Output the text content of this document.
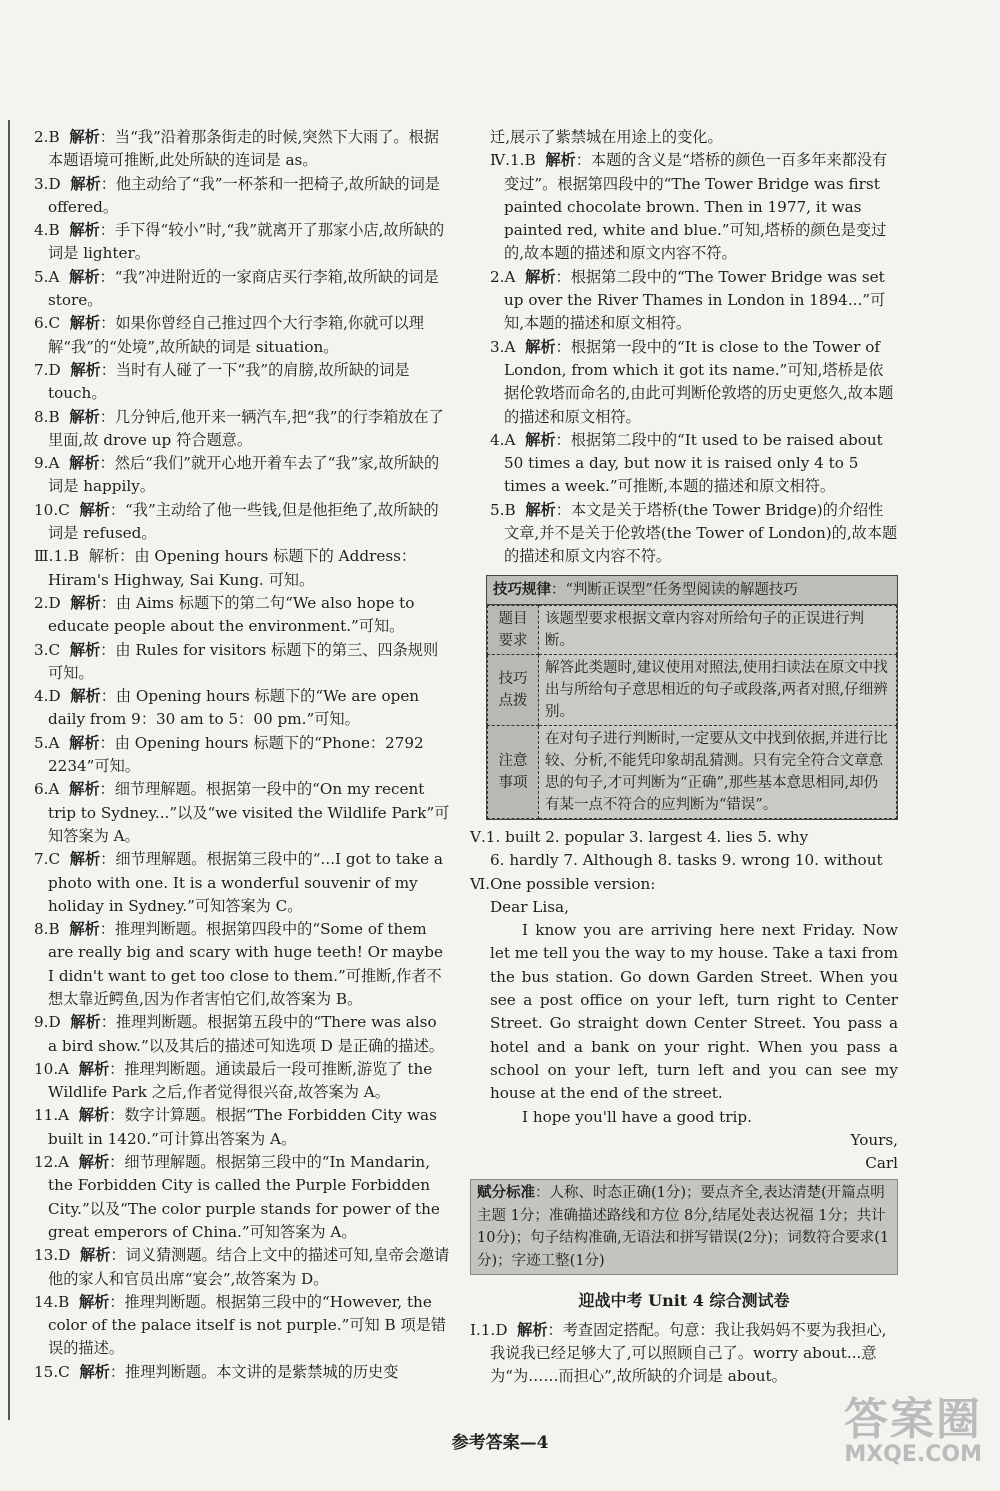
2.B 解析：当“我”沿着那条街走的时候,突然下大雨了。根据本题语境可推断,此处所缺的连词是 as。

3.D 解析：他主动给了“我”一杯茶和一把椅子,故所缺的词是 offered。

4.B 解析：手下得“较小”时,“我”就离开了那家小店,故所缺的词是 lighter。

5.A 解析：“我”冲进附近的一家商店买行李箱,故所缺的词是 store。

6.C 解析：如果你曾经自己推过四个大行李箱,你就可以理解“我”的“处境”,故所缺的词是 situation。

7.D 解析：当时有人碰了一下“我”的肩膀,故所缺的词是 touch。

8.B 解析：几分钟后,他开来一辆汽车,把“我”的行李箱放在了里面,故 drove up 符合题意。

9.A 解析：然后“我们”就开心地开着车去了“我”家,故所缺的词是 happily。

10.C 解析：“我”主动给了他一些钱,但是他拒绝了,故所缺的词是 refused。

Ⅲ.1.B 解析：由 Opening hours 标题下的 Address：Hiram's Highway, Sai Kung. 可知。

2.D 解析：由 Aims 标题下的第二句“We also hope to educate people about the environment.”可知。

3.C 解析：由 Rules for visitors 标题下的第三、四条规则可知。

4.D 解析：由 Opening hours 标题下的“We are open daily from 9：30 am to 5：00 pm.”可知。

5.A 解析：由 Opening hours 标题下的“Phone：2792 2234”可知。

6.A 解析：细节理解题。根据第一段中的“On my recent trip to Sydney...”以及“we visited the Wildlife Park”可知答案为 A。

7.C 解析：细节理解题。根据第三段中的“...I got to take a photo with one. It is a wonderful souvenir of my holiday in Sydney.”可知答案为 C。

8.B 解析：推理判断题。根据第四段中的“Some of them are really big and scary with huge teeth! Or maybe I didn't want to get too close to them.”可推断,作者不想太靠近鳄鱼,因为作者害怕它们,故答案为 B。

9.D 解析：推理判断题。根据第五段中的“There was also a bird show.”以及其后的描述可知选项 D 是正确的描述。

10.A 解析：推理判断题。通读最后一段可推断,游览了 the Wildlife Park 之后,作者觉得很兴奋,故答案为 A。

11.A 解析：数字计算题。根据“The Forbidden City was built in 1420.”可计算出答案为 A。

12.A 解析：细节理解题。根据第三段中的“In Mandarin, the Forbidden City is called the Purple Forbidden City.”以及“The color purple stands for power of the great emperors of China.”可知答案为 A。

13.D 解析：词义猜测题。结合上文中的描述可知,皇帝会邀请他的家人和官员出席“宴会”,故答案为 D。

14.B 解析：推理判断题。根据第三段中的“However, the color of the palace itself is not purple.”可知 B 项是错误的描述。

15.C 解析：推理判断题。本文讲的是紫禁城的历史变

迁,展示了紫禁城在用途上的变化。

Ⅳ.1.B 解析：本题的含义是“塔桥的颜色一百多年来都没有变过”。根据第四段中的“The Tower Bridge was first painted chocolate brown. Then in 1977, it was painted red, white and blue.”可知,塔桥的颜色是变过的,故本题的描述和原文内容不符。

2.A 解析：根据第二段中的“The Tower Bridge was set up over the River Thames in London in 1894...”可知,本题的描述和原文相符。

3.A 解析：根据第一段中的“It is close to the Tower of London, from which it got its name.”可知,塔桥是依据伦敦塔而命名的,由此可判断伦敦塔的历史更悠久,故本题的描述和原文相符。

4.A 解析：根据第二段中的“It used to be raised about 50 times a day, but now it is raised only 4 to 5 times a week.”可推断,本题的描述和原文相符。

5.B 解析：本文是关于塔桥(the Tower Bridge)的介绍性文章,并不是关于伦敦塔(the Tower of London)的,故本题的描述和原文内容不符。

技巧规律：“判断正误型”任务型阅读的解题技巧
题目要求	该题型要求根据文章内容对所给句子的正误进行判断。
技巧点拨	解答此类题时,建议使用对照法,使用扫读法在原文中找出与所给句子意思相近的句子或段落,两者对照,仔细辨别。
注意事项	在对句子进行判断时,一定要从文中找到依据,并进行比较、分析,不能凭印象胡乱猜测。只有完全符合文章意思的句子,才可判断为“正确”,那些基本意思相同,却仍有某一点不符合的应判断为“错误”。

Ⅴ.1. built 2. popular 3. largest 4. lies 5. why

6. hardly 7. Although 8. tasks 9. wrong 10. without

Ⅵ.One possible version:

Dear Lisa,

I know you are arriving here next Friday. Now let me tell you the way to my house. Take a taxi from the bus station. Go down Garden Street. When you see a post office on your left, turn right to Center Street. Go straight down Center Street. You pass a hotel and a bank on your right. When you pass a school on your left, turn left and you can see my house at the end of the street.

I hope you'll have a good trip.

Yours,

Carl

赋分标准：人称、时态正确(1分)；要点齐全,表达清楚(开篇点明主题 1分；准确描述路线和方位 8分,结尾处表达祝福 1分；共计 10分)；句子结构准确,无语法和拼写错误(2分)；词数符合要求(1分)；字迹工整(1分)
迎战中考 Unit 4 综合测试卷

Ⅰ.1.D 解析：考查固定搭配。句意：我让我妈妈不要为我担心,我说我已经足够大了,可以照顾自己了。worry about...意为“为……而担心”,故所缺的介词是 about。

参考答案—4	答案圈
MXQE.COM
